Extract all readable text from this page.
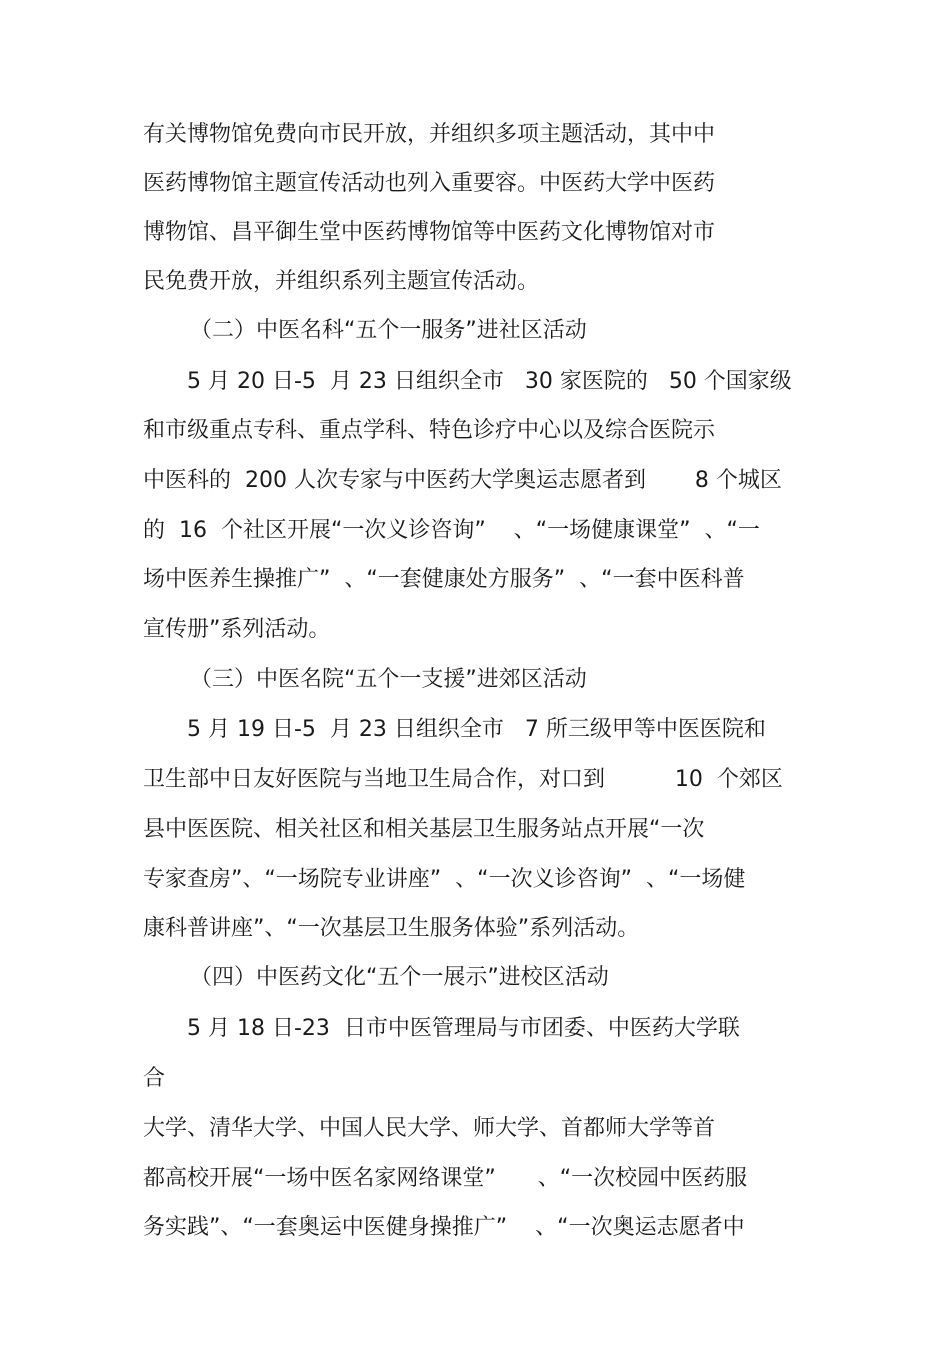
有关博物馆免费向市民开放，并组织多项主题活动，其中中

医药博物馆主题宣传活动也列入重要容。中医药大学中医药

博物馆、昌平御生堂中医药博物馆等中医药文化博物馆对市

民免费开放，并组织系列主题宣传活动。

（二）中医名科“五个一服务”进社区活动

5 月 20 日-5  月 23 日组织全市   30 家医院的   50 个国家级

和市级重点专科、重点学科、特色诊疗中心以及综合医院示

中医科的  200 人次专家与中医药大学奥运志愿者到       8 个城区

的  16  个社区开展“一次义诊咨询”    、“一场健康课堂”  、“一

场中医养生操推广”  、“一套健康处方服务”  、“一套中医科普

宣传册”系列活动。

（三）中医名院“五个一支援”进郊区活动

5 月 19 日-5  月 23 日组织全市   7 所三级甲等中医医院和

卫生部中日友好医院与当地卫生局合作，对口到          10  个郊区

县中医医院、相关社区和相关基层卫生服务站点开展“一次

专家查房”、“一场院专业讲座”  、“一次义诊咨询”  、“一场健

康科普讲座”、“一次基层卫生服务体验”系列活动。

（四）中医药文化“五个一展示”进校区活动

5 月 18 日-23  日市中医管理局与市团委、中医药大学联

合

大学、清华大学、中国人民大学、师大学、首都师大学等首

都高校开展“一场中医名家网络课堂”      、“一次校园中医药服

务实践”、“一套奥运中医健身操推广”    、“一次奥运志愿者中
